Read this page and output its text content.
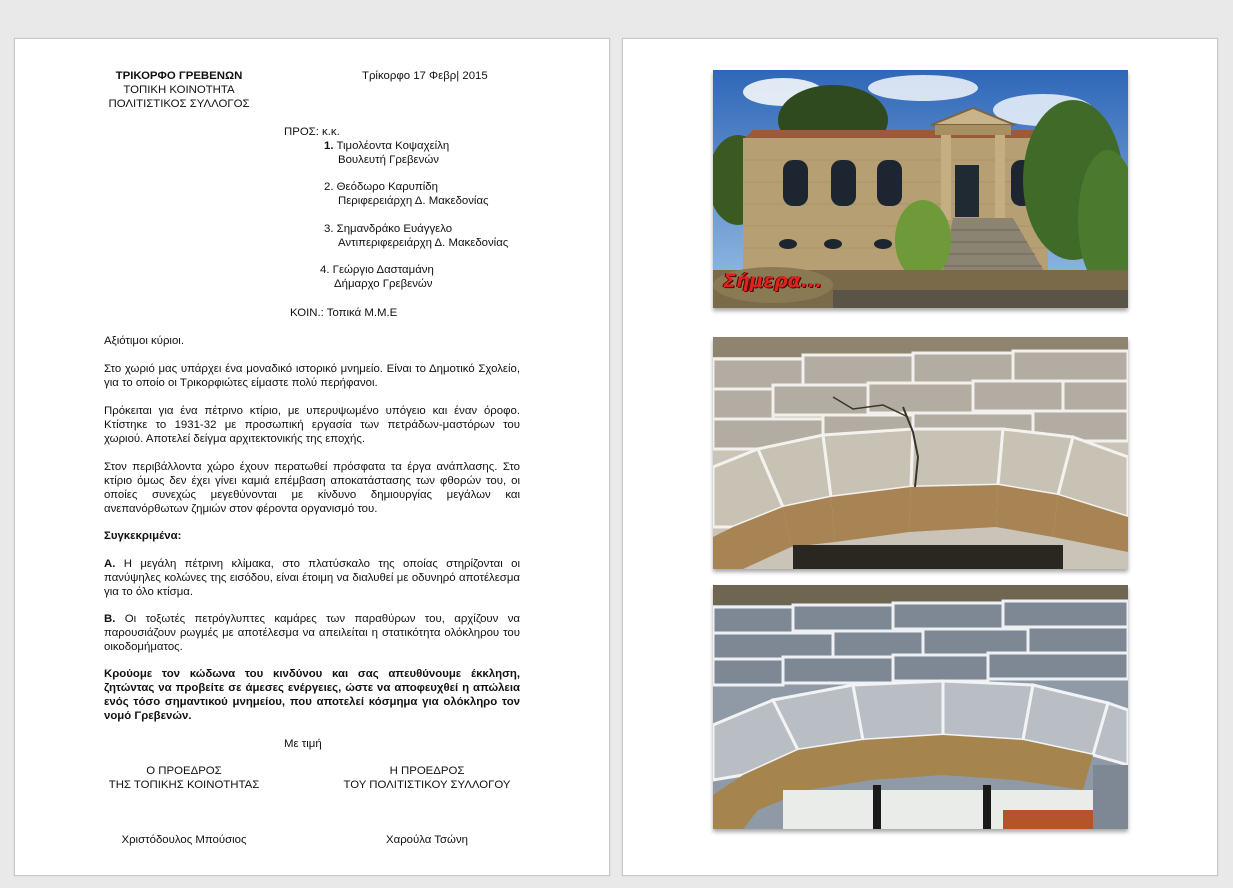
ΤΡΙΚΟΡΦΟ ΓΡΕΒΕΝΩΝ
ΤΟΠΙΚΗ ΚΟΙΝΟΤΗΤΑ
ΠΟΛΙΤΙΣΤΙΚΟΣ ΣΥΛΛΟΓΟΣ
Τρίκορφο 17 Φεβρ| 2015
ΠΡΟΣ: κ.κ.
1. Τιμολέοντα Κοψαχείλη
Βουλευτή Γρεβενών
2. Θεόδωρο Καρυπίδη
Περιφερειάρχη Δ. Μακεδονίας
3. Σημανδράκο Ευάγγελο
Αντιπεριφερειάρχη Δ. Μακεδονίας
4. Γεώργιο Δασταμάνη
Δήμαρχο Γρεβενών
ΚΟΙΝ.: Τοπικά Μ.Μ.Ε
Αξιότιμοι κύριοι.
Στο χωριό μας υπάρχει ένα μοναδικό ιστορικό μνημείο. Είναι το Δημοτικό Σχολείο, για το οποίο οι Τρικορφιώτες είμαστε πολύ περήφανοι.
Πρόκειται για ένα πέτρινο κτίριο, με υπερυψωμένο υπόγειο και έναν όροφο. Κτίστηκε το 1931-32 με προσωπική εργασία των πετράδων-μαστόρων του χωριού. Αποτελεί δείγμα αρχιτεκτονικής της εποχής.
Στον περιβάλλοντα χώρο έχουν περατωθεί πρόσφατα τα έργα ανάπλασης. Στο κτίριο όμως δεν έχει γίνει καμιά επέμβαση αποκατάστασης των φθορών του, οι οποίες συνεχώς μεγεθύνονται με κίνδυνο δημιουργίας μεγάλων και ανεπανόρθωτων ζημιών στον φέροντα οργανισμό του.
Συγκεκριμένα:
Α. Η μεγάλη πέτρινη κλίμακα, στο πλατύσκαλο της οποίας στηρίζονται οι πανύψηλες κολώνες της εισόδου, είναι έτοιμη να διαλυθεί με οδυνηρό αποτέλεσμα για το όλο κτίσμα.
Β. Οι τοξωτές πετρόγλυπτες καμάρες των παραθύρων του, αρχίζουν να παρουσιάζουν ρωγμές με αποτέλεσμα να απειλείται η στατικότητα ολόκληρου του οικοδομήματος.
Κρούομε τον κώδωνα του κινδύνου και σας απευθύνουμε έκκληση, ζητώντας να προβείτε σε άμεσες ενέργειες, ώστε να αποφευχθεί η απώλεια ενός τόσο σημαντικού μνημείου, που αποτελεί κόσμημα για ολόκληρο τον νομό Γρεβενών.
Με τιμή
Ο ΠΡΟΕΔΡΟΣ
ΤΗΣ ΤΟΠΙΚΗΣ ΚΟΙΝΟΤΗΤΑΣ
Η ΠΡΟΕΔΡΟΣ
ΤΟΥ ΠΟΛΙΤΙΣΤΙΚΟΥ ΣΥΛΛΟΓΟΥ
Χριστόδουλος Μπούσιος	Χαρούλα Τσώνη
Σήμερα...
